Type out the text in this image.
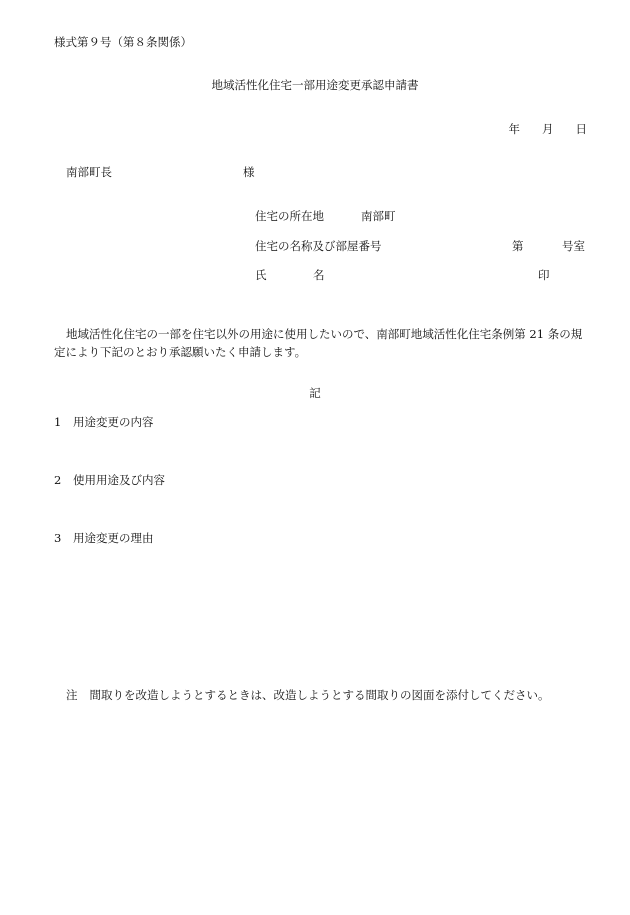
様式第９号（第８条関係）
地域活性化住宅一部用途変更承認申請書
年 月 日
南部町長	様
住宅の所在地	南部町
住宅の名称及び部屋番号	第	号室
氏	名	印
地域活性化住宅の一部を住宅以外の用途に使用したいので、南部町地域活性化住宅条例第 21 条の規定により下記のとおり承認願いたく申請します。
記
1 用途変更の内容
2 使用用途及び内容
3 用途変更の理由
注 間取りを改造しようとするときは、改造しようとする間取りの図面を添付してください。
